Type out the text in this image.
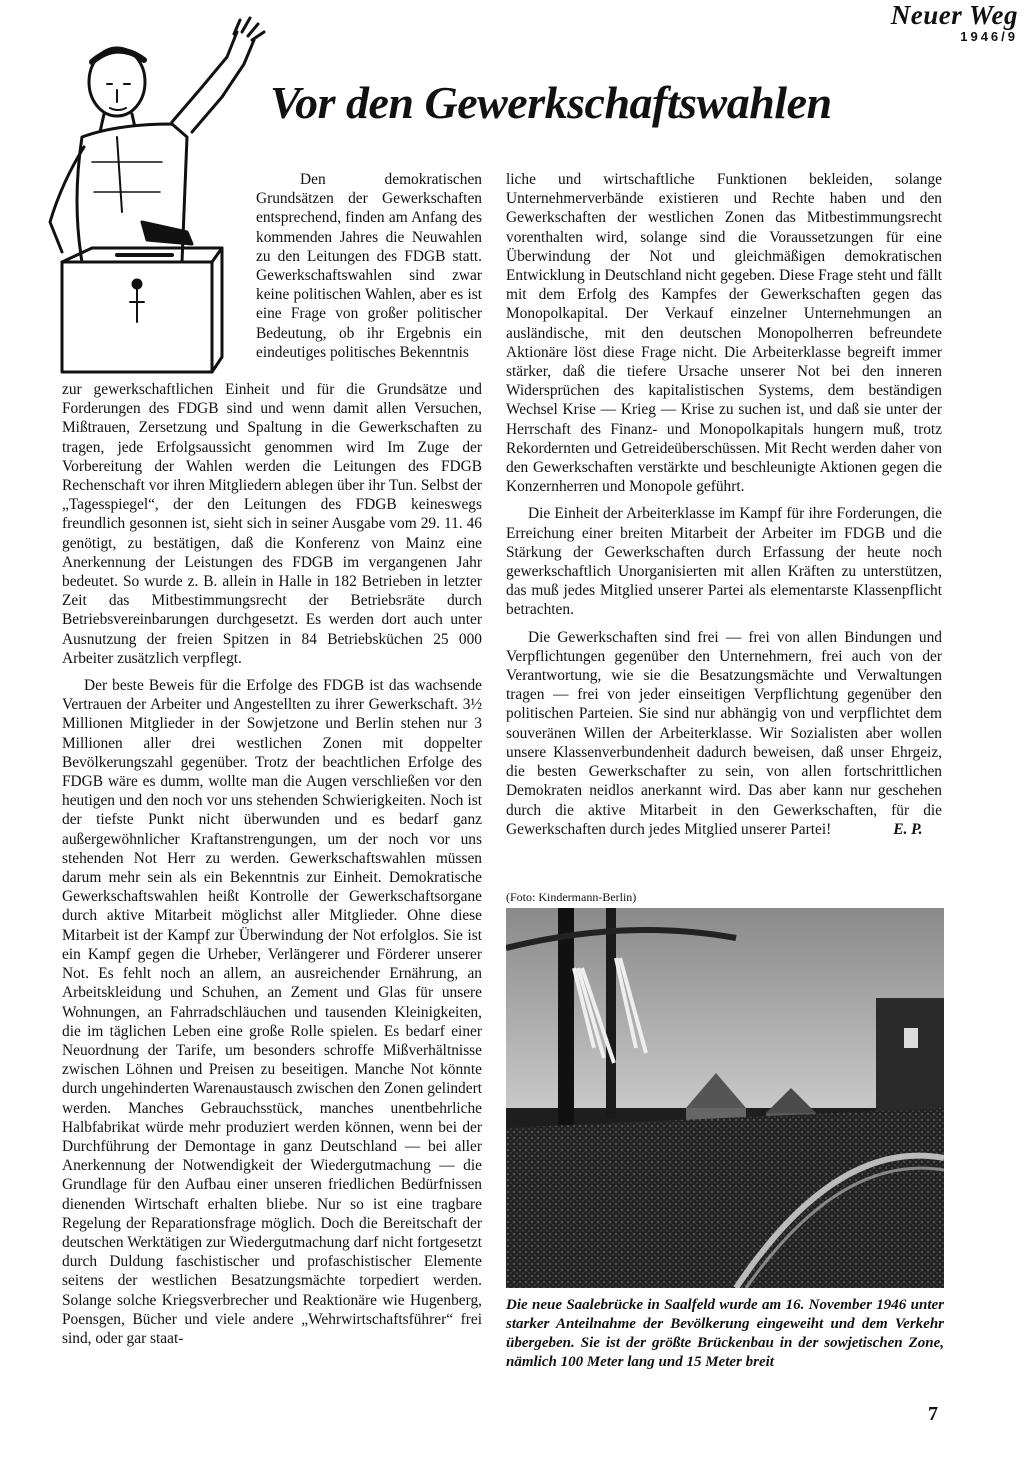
Neuer Weg
1946/9
Vor den Gewerkschaftswahlen

Den demokratischen Grundsätzen der Gewerkschaften entsprechend, finden am Anfang des kommenden Jahres die Neuwahlen zu den Leitungen des FDGB statt. Gewerkschaftswahlen sind zwar keine politischen Wahlen, aber es ist eine Frage von großer politischer Bedeutung, ob ihr Ergebnis ein eindeutiges politisches Bekenntnis

zur gewerkschaftlichen Einheit und für die Grundsätze und Forderungen des FDGB sind und wenn damit allen Versuchen, Mißtrauen, Zersetzung und Spaltung in die Gewerkschaften zu tragen, jede Erfolgsaussicht genommen wird Im Zuge der Vorbereitung der Wahlen werden die Leitungen des FDGB Rechenschaft vor ihren Mitgliedern ablegen über ihr Tun. Selbst der „Tagesspiegel“, der den Leitungen des FDGB keineswegs freundlich gesonnen ist, sieht sich in seiner Ausgabe vom 29. 11. 46 genötigt, zu bestätigen, daß die Konferenz von Mainz eine Anerkennung der Leistungen des FDGB im vergangenen Jahr bedeutet. So wurde z. B. allein in Halle in 182 Betrieben in letzter Zeit das Mitbestimmungsrecht der Betriebsräte durch Betriebsvereinbarungen durchgesetzt. Es werden dort auch unter Ausnutzung der freien Spitzen in 84 Betriebsküchen 25 000 Arbeiter zusätzlich verpflegt.

Der beste Beweis für die Erfolge des FDGB ist das wachsende Vertrauen der Arbeiter und Angestellten zu ihrer Gewerkschaft. 3½ Millionen Mitglieder in der Sowjetzone und Berlin stehen nur 3 Millionen aller drei westlichen Zonen mit doppelter Bevölkerungszahl gegenüber. Trotz der beachtlichen Erfolge des FDGB wäre es dumm, wollte man die Augen verschließen vor den heutigen und den noch vor uns stehenden Schwierigkeiten. Noch ist der tiefste Punkt nicht überwunden und es bedarf ganz außergewöhnlicher Kraftanstrengungen, um der noch vor uns stehenden Not Herr zu werden. Gewerkschaftswahlen müssen darum mehr sein als ein Bekenntnis zur Einheit. Demokratische Gewerkschaftswahlen heißt Kontrolle der Gewerkschaftsorgane durch aktive Mitarbeit möglichst aller Mitglieder. Ohne diese Mitarbeit ist der Kampf zur Überwindung der Not erfolglos. Sie ist ein Kampf gegen die Urheber, Verlängerer und Förderer unserer Not. Es fehlt noch an allem, an ausreichender Ernährung, an Arbeitskleidung und Schuhen, an Zement und Glas für unsere Wohnungen, an Fahrradschläuchen und tausenden Kleinigkeiten, die im täglichen Leben eine große Rolle spielen. Es bedarf einer Neuordnung der Tarife, um besonders schroffe Mißverhältnisse zwischen Löhnen und Preisen zu beseitigen. Manche Not könnte durch ungehinderten Warenaustausch zwischen den Zonen gelindert werden. Manches Gebrauchsstück, manches unentbehrliche Halbfabrikat würde mehr produziert werden können, wenn bei der Durchführung der Demontage in ganz Deutschland — bei aller Anerkennung der Notwendigkeit der Wiedergutmachung — die Grundlage für den Aufbau einer unseren friedlichen Bedürfnissen dienenden Wirtschaft erhalten bliebe. Nur so ist eine tragbare Regelung der Reparationsfrage möglich. Doch die Bereitschaft der deutschen Werktätigen zur Wiedergutmachung darf nicht fortgesetzt durch Duldung faschistischer und profaschistischer Elemente seitens der westlichen Besatzungsmächte torpediert werden. Solange solche Kriegsverbrecher und Reaktionäre wie Hugenberg, Poensgen, Bücher und viele andere „Wehrwirtschaftsführer“ frei sind, oder gar staat-

liche und wirtschaftliche Funktionen bekleiden, solange Unternehmerverbände existieren und Rechte haben und den Gewerkschaften der westlichen Zonen das Mitbestimmungsrecht vorenthalten wird, solange sind die Voraussetzungen für eine Überwindung der Not und gleichmäßigen demokratischen Entwicklung in Deutschland nicht gegeben. Diese Frage steht und fällt mit dem Erfolg des Kampfes der Gewerkschaften gegen das Monopolkapital. Der Verkauf einzelner Unternehmungen an ausländische, mit den deutschen Monopolherren befreundete Aktionäre löst diese Frage nicht. Die Arbeiterklasse begreift immer stärker, daß die tiefere Ursache unserer Not bei den inneren Widersprüchen des kapitalistischen Systems, dem beständigen Wechsel Krise — Krieg — Krise zu suchen ist, und daß sie unter der Herrschaft des Finanz- und Monopolkapitals hungern muß, trotz Rekordernten und Getreideüberschüssen. Mit Recht werden daher von den Gewerkschaften verstärkte und beschleunigte Aktionen gegen die Konzernherren und Monopole geführt.

Die Einheit der Arbeiterklasse im Kampf für ihre Forderungen, die Erreichung einer breiten Mitarbeit der Arbeiter im FDGB und die Stärkung der Gewerkschaften durch Erfassung der heute noch gewerkschaftlich Unorganisierten mit allen Kräften zu unterstützen, das muß jedes Mitglied unserer Partei als elementarste Klassenpflicht betrachten.

Die Gewerkschaften sind frei — frei von allen Bindungen und Verpflichtungen gegenüber den Unternehmern, frei auch von der Verantwortung, wie sie die Besatzungsmächte und Verwaltungen tragen — frei von jeder einseitigen Verpflichtung gegenüber den politischen Parteien. Sie sind nur abhängig von und verpflichtet dem souveränen Willen der Arbeiterklasse. Wir Sozialisten aber wollen unsere Klassenverbundenheit dadurch beweisen, daß unser Ehrgeiz, die besten Gewerkschafter zu sein, von allen fortschrittlichen Demokraten neidlos anerkannt wird. Das aber kann nur geschehen durch die aktive Mitarbeit in den Gewerkschaften, für die Gewerkschaften durch jedes Mitglied unserer Partei!	E. P.

(Foto: Kindermann-Berlin)
Die neue Saalebrücke in Saalfeld wurde am 16. November 1946 unter starker Anteilnahme der Bevölkerung eingeweiht und dem Verkehr übergeben. Sie ist der größte Brückenbau in der sowjetischen Zone, nämlich 100 Meter lang und 15 Meter breit
7
